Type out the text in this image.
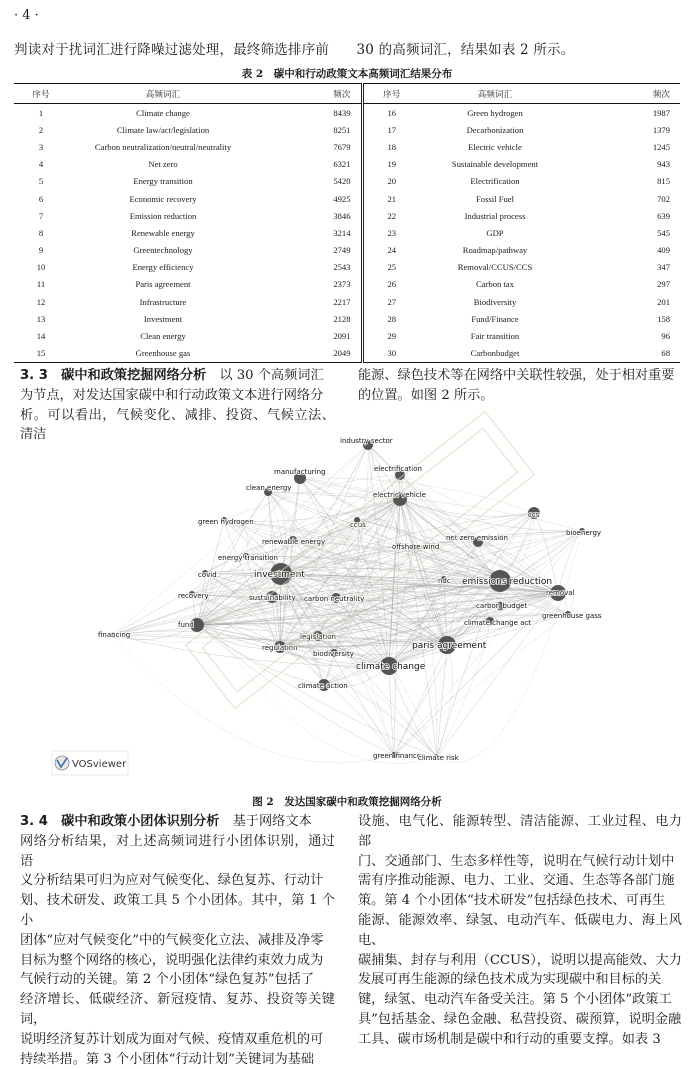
· 4 ·
判读对于扰词汇进行降噪过滤处理，最终筛选排序前　　30 的高频词汇，结果如表 2 所示。
表 2　碳中和行动政策文本高频词汇结果分布
序号	高频词汇	频次	序号	高频词汇	频次
1	Climate change	8439	16	Green hydrogen	1987
2	Climate law/act/legislation	8251	17	Decarbonization	1379
3	Carbon neutralization/neutral/neutrality	7679	18	Electric vehicle	1245
4	Net zero	6321	19	Sustainable development	943
5	Energy transition	5420	20	Electrification	815
6	Economic recovery	4925	21	Fossil Fuel	702
7	Emission reduction	3846	22	Industrial process	639
8	Renewable energy	3214	23	GDP	545
9	Greentechnology	2749	24	Roadmap/pathway	409
10	Energy efficiency	2543	25	Removal/CCUS/CCS	347
11	Paris agreement	2373	26	Carbon tax	297
12	Infrastructure	2217	27	Biodiversity	201
13	Investment	2128	28	Fund/Finance	158
14	Clean energy	2091	29	Fair transition	96
15	Greenhouse gas	2049	30	Carbonbudget	68
3. 3　碳中和政策挖掘网络分析　 以 30 个高频词汇
为节点，对发达国家碳中和行动政策文本进行网络分
析。可以看出，气候变化、减排、投资、气候立法、清洁
能源、绿色技术等在网络中关联性较强，处于相对重要
的位置。如图 2 所示。
industry sector
manufacturing	electrification
clean energy
electric vehicle
ccus
ccs
green hydrogen
bioenergy
renewable energy
offshore wind
net zero emission
energy transition
investment
covid
ndc emissions reduction
removal
recovery	sustainability carbon neutrality
carbon budget
greenhouse gass
climate change act
fund
financing	legislation
regulation	paris agreement
biodiversity
climate change
climate action
green finance
climate risk
VOSviewer
图 2　发达国家碳中和政策挖掘网络分析
3. 4　碳中和政策小团体识别分析　 基于网络文本
网络分析结果，对上述高频词进行小团体识别，通过语
义分析结果可归为应对气候变化、绿色复苏、行动计
划、技术研发、政策工具 5 个小团体。其中，第 1 个小
团体“应对气候变化”中的气候变化立法、减排及净零
目标为整个网络的核心，说明强化法律约束效力成为
气候行动的关键。第 2 个小团体“绿色复苏”包括了
经济增长、低碳经济、新冠疫情、复苏、投资等关键词，
说明经济复苏计划成为面对气候、疫情双重危机的可
持续举措。第 3 个小团体“行动计划”关键词为基础
设施、电气化、能源转型、清洁能源、工业过程、电力部
门、交通部门、生态多样性等，说明在气候行动计划中
需有序推动能源、电力、工业、交通、生态等各部门施
策。第 4 个小团体“技术研发”包括绿色技术、可再生
能源、能源效率、绿氢、电动汽车、低碳电力、海上风电、
碳捕集、封存与利用（CCUS），说明以提高能效、大力
发展可再生能源的绿色技术成为实现碳中和目标的关
键，绿氢、电动汽车备受关注。第 5 个小团体“政策工
具”包括基金、绿色金融、私营投资、碳预算，说明金融
工具、碳市场机制是碳中和行动的重要支撑。如表 3
